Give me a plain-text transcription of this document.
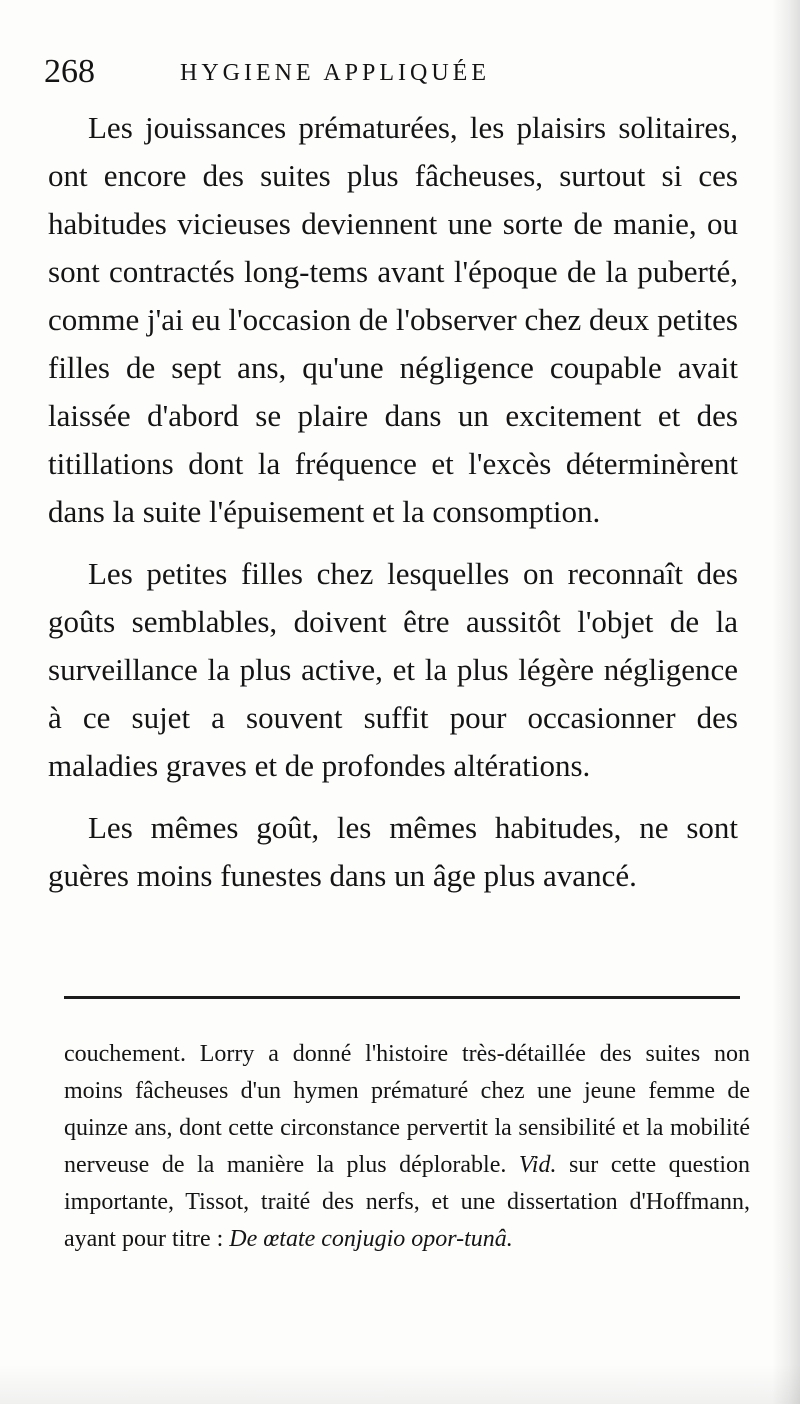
268	HYGIENE APPLIQUÉE

Les jouissances prématurées, les plaisirs solitaires, ont encore des suites plus fâcheuses, surtout si ces habitudes vicieuses deviennent une sorte de manie, ou sont contractés long-tems avant l'époque de la puberté, comme j'ai eu l'occasion de l'observer chez deux petites filles de sept ans, qu'une négligence coupable avait laissée d'abord se plaire dans un excitement et des titillations dont la fréquence et l'excès déterminèrent dans la suite l'épuisement et la consomption.

Les petites filles chez lesquelles on reconnaît des goûts semblables, doivent être aussitôt l'objet de la surveillance la plus active, et la plus légère négligence à ce sujet a souvent suffit pour occasionner des maladies graves et de profondes altérations.

Les mêmes goût, les mêmes habitudes, ne sont guères moins funestes dans un âge plus avancé.

couchement. Lorry a donné l'histoire très-détaillée des suites non moins fâcheuses d'un hymen prématuré chez une jeune femme de quinze ans, dont cette circonstance pervertit la sensibilité et la mobilité nerveuse de la manière la plus déplorable. Vid. sur cette question importante, Tissot, traité des nerfs, et une dissertation d'Hoffmann, ayant pour titre : De œtate conjugio opor-tunâ.
